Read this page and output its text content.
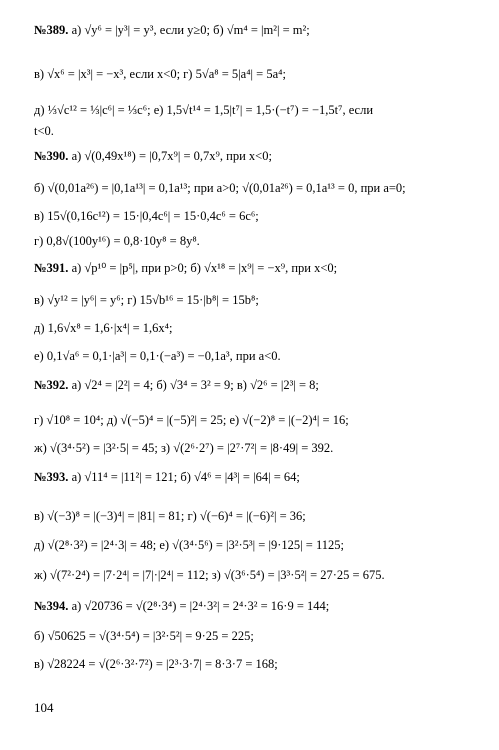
№389. а) √y⁶ = |y³| = y³, если y≥0; б) √m⁴ = |m²| = m²;
в) √x⁶ = |x³| = −x³, если x<0; г) 5√a⁸ = 5|a⁴| = 5a⁴;
д) ⅓√c¹² = ⅓|c⁶| = ⅓c⁶; е) 1,5√t¹⁴ = 1,5|t⁷| = 1,5·(−t⁷) = −1,5t⁷, если
t<0.
№390. а) √(0,49x¹⁸) = |0,7x⁹| = 0,7x⁹, при x<0;
б) √(0,01a²⁶) = |0,1a¹³| = 0,1a¹³; при a>0; √(0,01a²⁶) = 0,1a¹³ = 0, при a=0;
в) 15√(0,16c¹²) = 15·|0,4c⁶| = 15·0,4c⁶ = 6c⁶;
г) 0,8√(100y¹⁶) = 0,8·10y⁸ = 8y⁸.
№391. а) √p¹⁰ = |p⁵|, при p>0; б) √x¹⁸ = |x⁹| = −x⁹, при x<0;
в) √y¹² = |y⁶| = y⁶; г) 15√b¹⁶ = 15·|b⁸| = 15b⁸;
д) 1,6√x⁸ = 1,6·|x⁴| = 1,6x⁴;
е) 0,1√a⁶ = 0,1·|a³| = 0,1·(−a³) = −0,1a³, при a<0.
№392. а) √2⁴ = |2²| = 4; б) √3⁴ = 3² = 9; в) √2⁶ = |2³| = 8;
г) √10⁸ = 10⁴; д) √(−5)⁴ = |(−5)²| = 25; е) √(−2)⁸ = |(−2)⁴| = 16;
ж) √(3⁴·5²) = |3²·5| = 45; з) √(2⁶·2⁷) = |2⁷·7²| = |8·49| = 392.
№393. а) √11⁴ = |11²| = 121; б) √4⁶ = |4³| = |64| = 64;
в) √(−3)⁸ = |(−3)⁴| = |81| = 81; г) √(−6)⁴ = |(−6)²| = 36;
д) √(2⁸·3²) = |2⁴·3| = 48; е) √(3⁴·5⁶) = |3²·5³| = |9·125| = 1125;
ж) √(7²·2⁴) = |7·2⁴| = |7|·|2⁴| = 112; з) √(3⁶·5⁴) = |3³·5²| = 27·25 = 675.
№394. а) √20736 = √(2⁸·3⁴) = |2⁴·3²| = 2⁴·3² = 16·9 = 144;
б) √50625 = √(3⁴·5⁴) = |3²·5²| = 9·25 = 225;
в) √28224 = √(2⁶·3²·7²) = |2³·3·7| = 8·3·7 = 168;
104
